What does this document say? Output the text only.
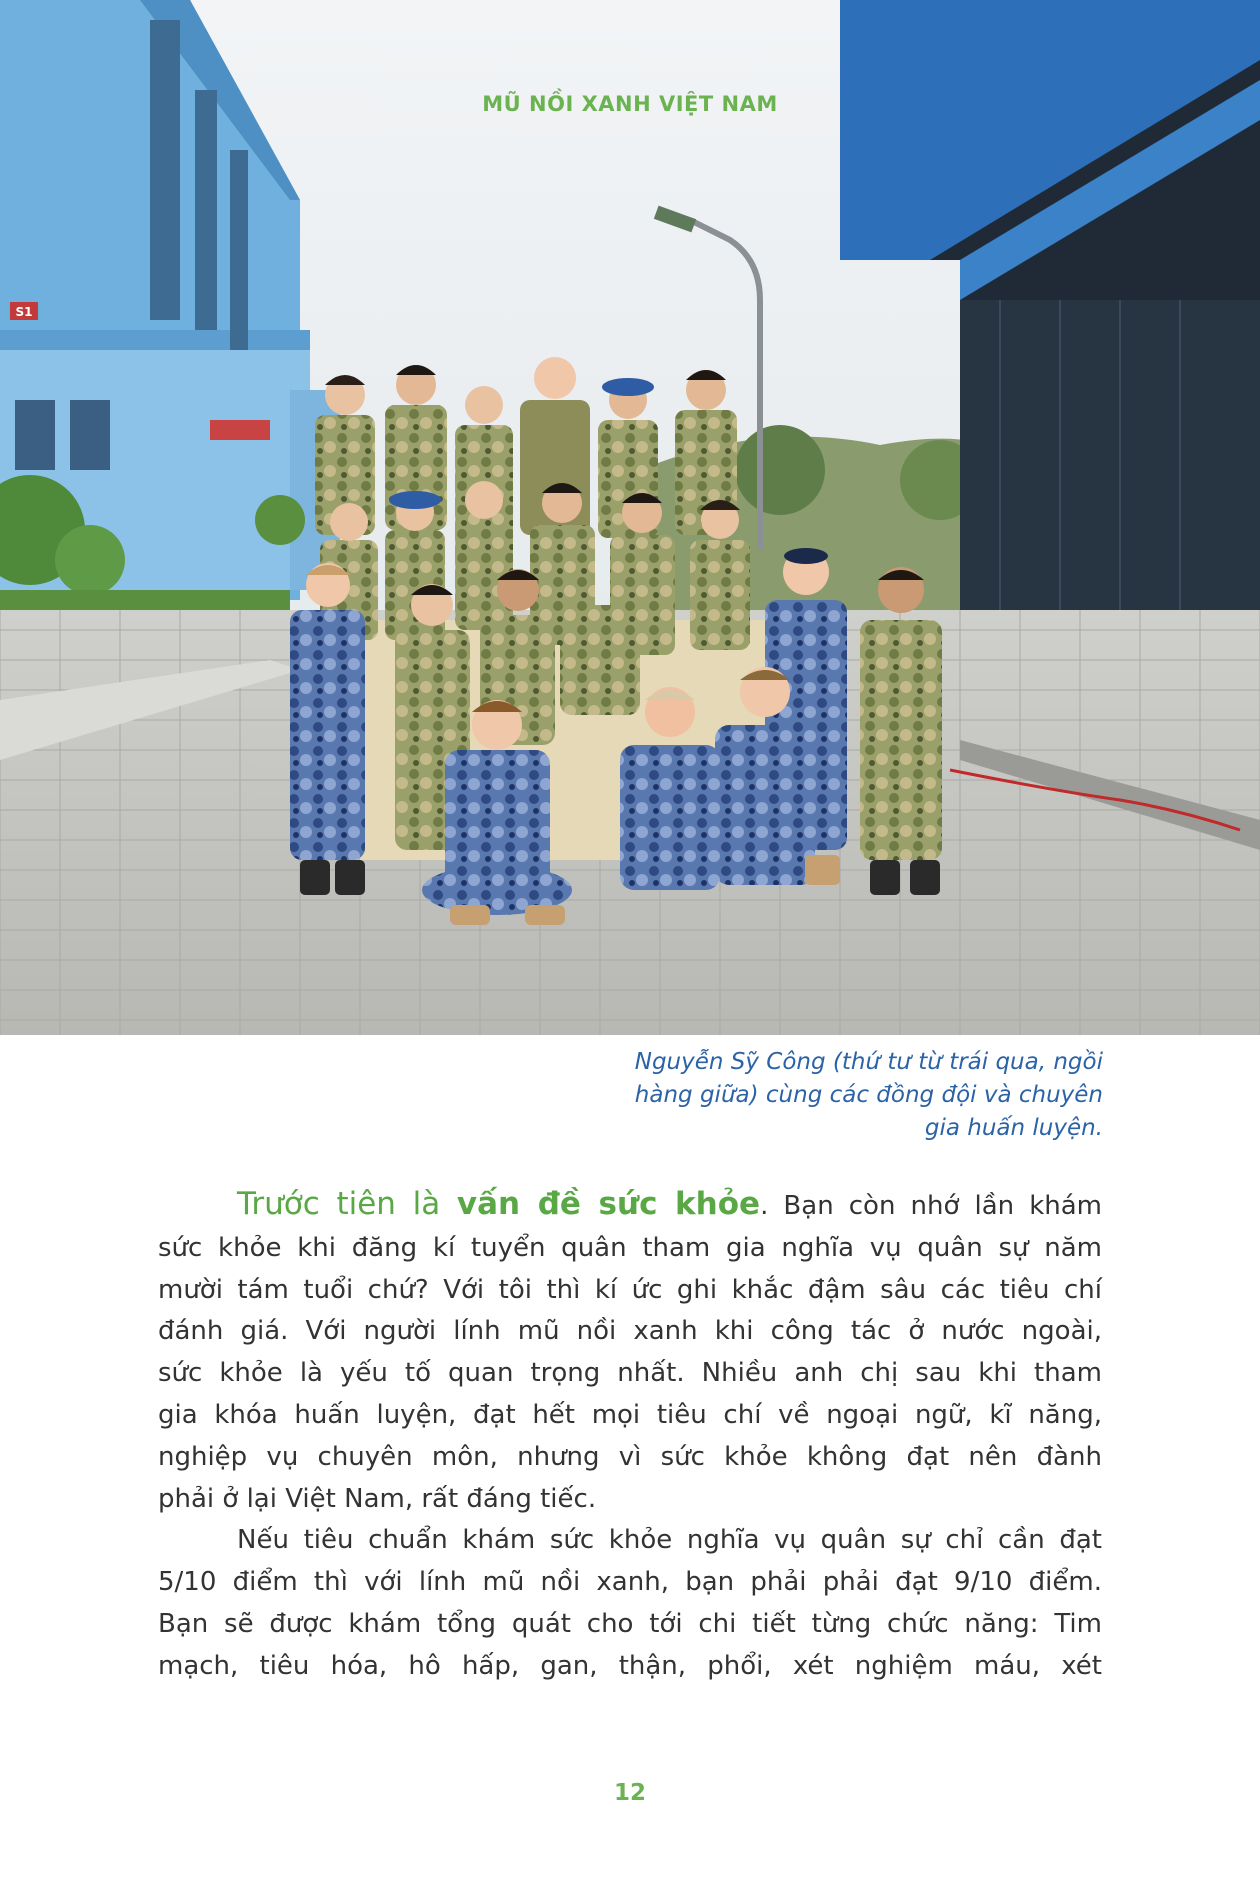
S1
MŨ NỒI XANH VIỆT NAM
Nguyễn Sỹ Công (thứ tư từ trái qua, ngồi
hàng giữa) cùng các đồng đội và chuyên
gia huấn luyện.
Trước tiên là vấn đề sức khỏe. Bạn còn nhớ lần khám
sức khỏe khi đăng kí tuyển quân tham gia nghĩa vụ quân sự năm
mười tám tuổi chứ? Với tôi thì kí ức ghi khắc đậm sâu các tiêu chí
đánh giá. Với người lính mũ nồi xanh khi công tác ở nước ngoài,
sức khỏe là yếu tố quan trọng nhất. Nhiều anh chị sau khi tham
gia khóa huấn luyện, đạt hết mọi tiêu chí về ngoại ngữ, kĩ năng,
nghiệp vụ chuyên môn, nhưng vì sức khỏe không đạt nên đành
phải ở lại Việt Nam, rất đáng tiếc.
Nếu tiêu chuẩn khám sức khỏe nghĩa vụ quân sự chỉ cần đạt
5/10 điểm thì với lính mũ nồi xanh, bạn phải phải đạt 9/10 điểm.
Bạn sẽ được khám tổng quát cho tới chi tiết từng chức năng: Tim
mạch, tiêu hóa, hô hấp, gan, thận, phổi, xét nghiệm máu, xét
12
